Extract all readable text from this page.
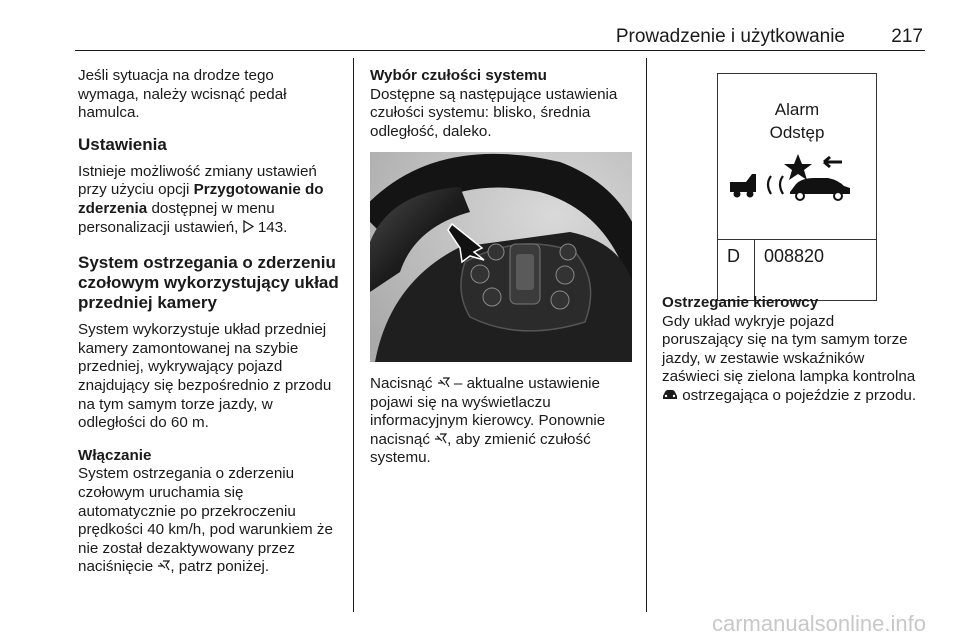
Prowadzenie i użytkowanie 217

Jeśli sytuacja na drodze tego

wymaga, należy wcisnąć pedał

hamulca.

Ustawienia

Istnieje możliwość zmiany ustawień

przy użyciu opcji Przygotowanie do

zderzenia dostępnej w menu

personalizacji ustawień,  143.

System ostrzegania o zderzeniu
czołowym wykorzystujący układ
przedniej kamery

System wykorzystuje układ przedniej

kamery zamontowanej na szybie

przedniej, wykrywający pojazd

znajdujący się bezpośrednio z przodu

na tym samym torze jazdy, w

odległości do 60 m.

Włączanie

System ostrzegania o zderzeniu

czołowym uruchamia się

automatycznie po przekroczeniu

prędkości 40 km/h, pod warunkiem że

nie został dezaktywowany przez

naciśnięcie , patrz poniżej.

Wybór czułości systemu

Dostępne są następujące ustawienia

czułości systemu: blisko, średnia

odległość, daleko.

Nacisnąć  – aktualne ustawienie

pojawi się na wyświetlaczu

informacyjnym kierowcy. Ponownie

nacisnąć , aby zmienić czułość

systemu.

Alarm
Odstęp
D 008820

Ostrzeganie kierowcy

Gdy układ wykryje pojazd

poruszający się na tym samym torze

jazdy, w zestawie wskaźników

zaświeci się zielona lampka kontrolna

ostrzegająca o pojeździe z przodu.

carmanualsonline.info
